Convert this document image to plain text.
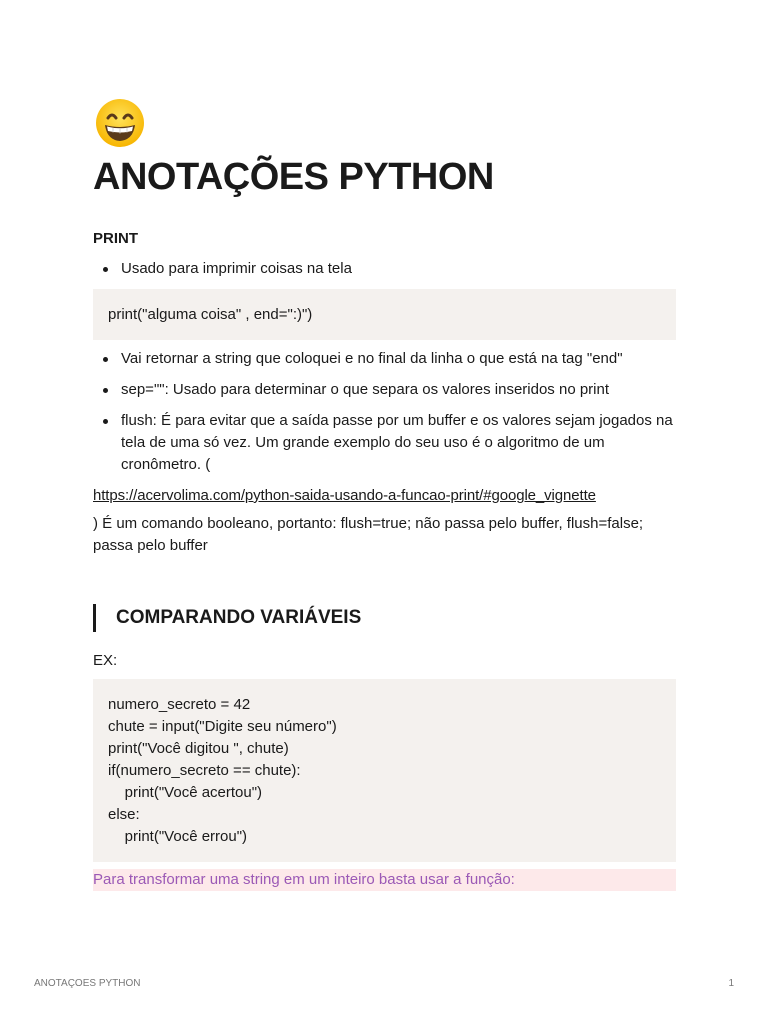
ANOTAÇÕES PYTHON
PRINT
Usado para imprimir coisas na tela
print("alguma coisa" , end=":)")
Vai retornar a string que coloquei e no final da linha o que está na tag "end"
sep="": Usado para determinar o que separa os valores inseridos no print
flush: É para evitar que a saída passe por um buffer e os valores sejam jogados na tela de uma só vez. Um grande exemplo do seu uso é o algoritmo de um cronômetro. (
https://acervolima.com/python-saida-usando-a-funcao-print/#google_vignette
) É um comando booleano, portanto: flush=true; não passa pelo buffer, flush=false; passa pelo buffer
COMPARANDO VARIÁVEIS
EX:
numero_secreto = 42
chute = input("Digite seu número")
print("Você digitou ", chute)
if(numero_secreto == chute):
print("Você acertou")
else:
print("Você errou")
Para transformar uma string em um inteiro basta usar a função:
ANOTAÇOES PYTHON	1
